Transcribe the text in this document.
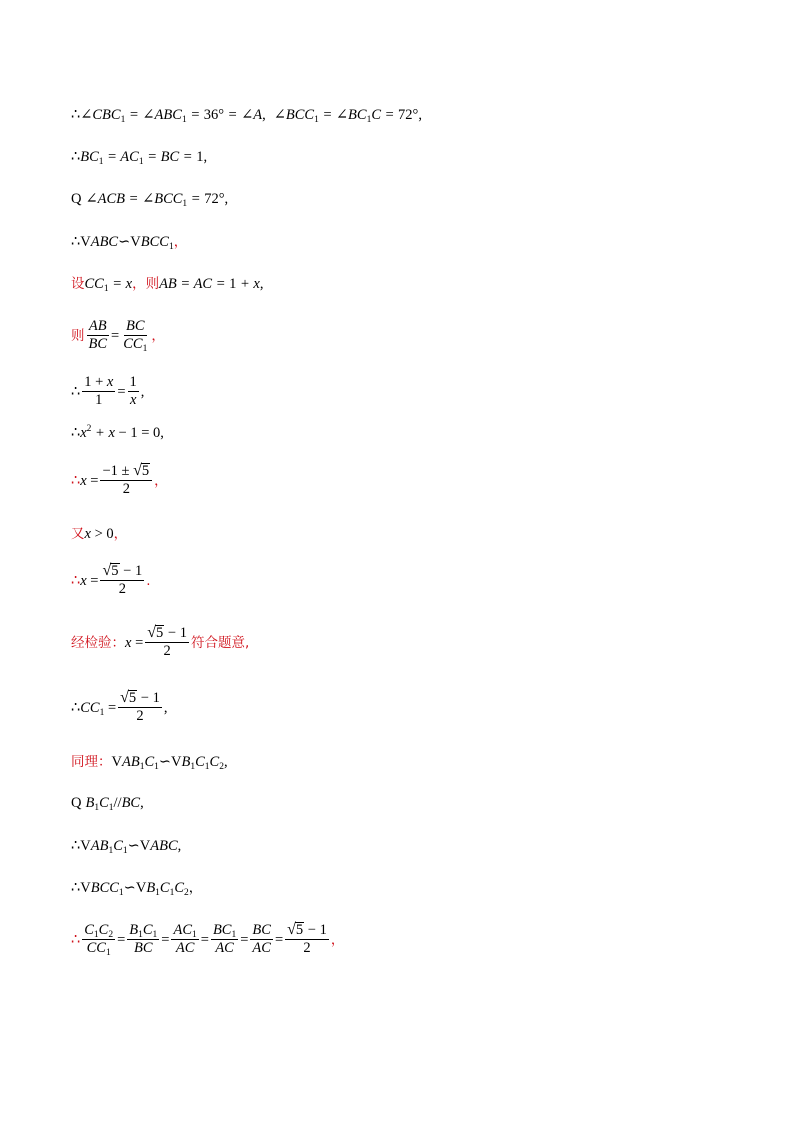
∴ $\angle CBC_1$ = $\angle ABC_1 = 36^\circ$ = ∠A, $\angle BCC_1$ = $\angle BC_1C = 72^\circ$,
∴ $BC_1 = AC_1$ = BC = 1,
Q ∠ACB = $\angle BCC_1 = 72^\circ$,
∴ $VABC∽VBCC_1$ ，
设 $CC_1 = x$ ， 则 AB = AC = 1 + x,
则 $\frac{AB}{BC} = \frac{BC}{CC_1}$ ，
∴ $\frac{1 + x}{1} = \frac{1}{x}$ ,
∴ $x^2 + x - 1 = 0$,
∴ $x = \frac{-1 \pm √ 5}{2}$ ，
又 x > 0 ，
∴ $x = \frac{√ 5 - 1}{2}$ .
经检验： $x = \frac{√ 5 - 1}{2}$ 符合题意 ,
∴ $CC_1 = \frac{√ 5 - 1}{2}$ ,
同理： $VAB_1C_1∽VB_1C_1C_2$,
Q $B_1C_1//BC$,
∴ $VAB_1C_1∽VABC$,
∴ $VBCC_1∽VB_1C_1C_2$ ，
∴ $\frac{C_1C_2}{CC_1} = \frac{B_1C_1}{BC} = \frac{AC_1}{AC} = \frac{BC_1}{AC} = \frac{BC}{AC} = \frac{√ 5 - 1}{2}$ ，
